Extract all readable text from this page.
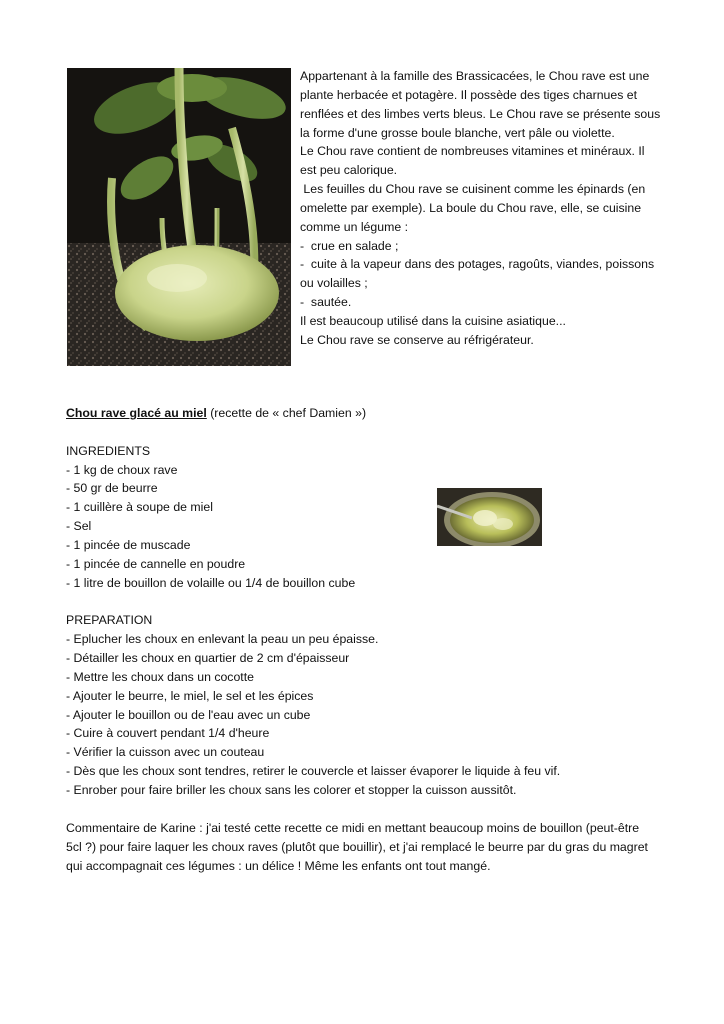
Appartenant à la famille des Brassicacées, le Chou rave est une
plante herbacée et potagère. Il possède des tiges charnues et
renflées et des limbes verts bleus. Le Chou rave se présente sous
la forme d'une grosse boule blanche, vert pâle ou violette.
Le Chou rave contient de nombreuses vitamines et minéraux. Il
est peu calorique.
Les feuilles du Chou rave se cuisinent comme les épinards (en
omelette par exemple). La boule du Chou rave, elle, se cuisine
comme un légume :
-  crue en salade ;
-  cuite à la vapeur dans des potages, ragoûts, viandes, poissons
ou volailles ;
-  sautée.
Il est beaucoup utilisé dans la cuisine asiatique...
Le Chou rave se conserve au réfrigérateur.
Chou rave glacé au miel (recette de « chef Damien »)
INGREDIENTS
- 1 kg de choux rave
- 50 gr de beurre
- 1 cuillère à soupe de miel
- Sel
- 1 pincée de muscade
- 1 pincée de cannelle en poudre
- 1 litre de bouillon de volaille ou 1/4 de bouillon cube
PREPARATION
- Eplucher les choux en enlevant la peau un peu épaisse.
- Détailler les choux en quartier de 2 cm d'épaisseur
- Mettre les choux dans un cocotte
- Ajouter le beurre, le miel, le sel et les épices
- Ajouter le bouillon ou de l'eau avec un cube
- Cuire à couvert pendant 1/4 d'heure
- Vérifier la cuisson avec un couteau
- Dès que les choux sont tendres, retirer le couvercle et laisser évaporer le liquide à feu vif.
- Enrober pour faire briller les choux sans les colorer et stopper la cuisson aussitôt.
Commentaire de Karine : j'ai testé cette recette ce midi en mettant beaucoup moins de bouillon (peut-être
5cl ?) pour faire laquer les choux raves (plutôt que bouillir), et j'ai remplacé le beurre par du gras du magret
qui accompagnait ces légumes : un délice ! Même les enfants ont tout mangé.
